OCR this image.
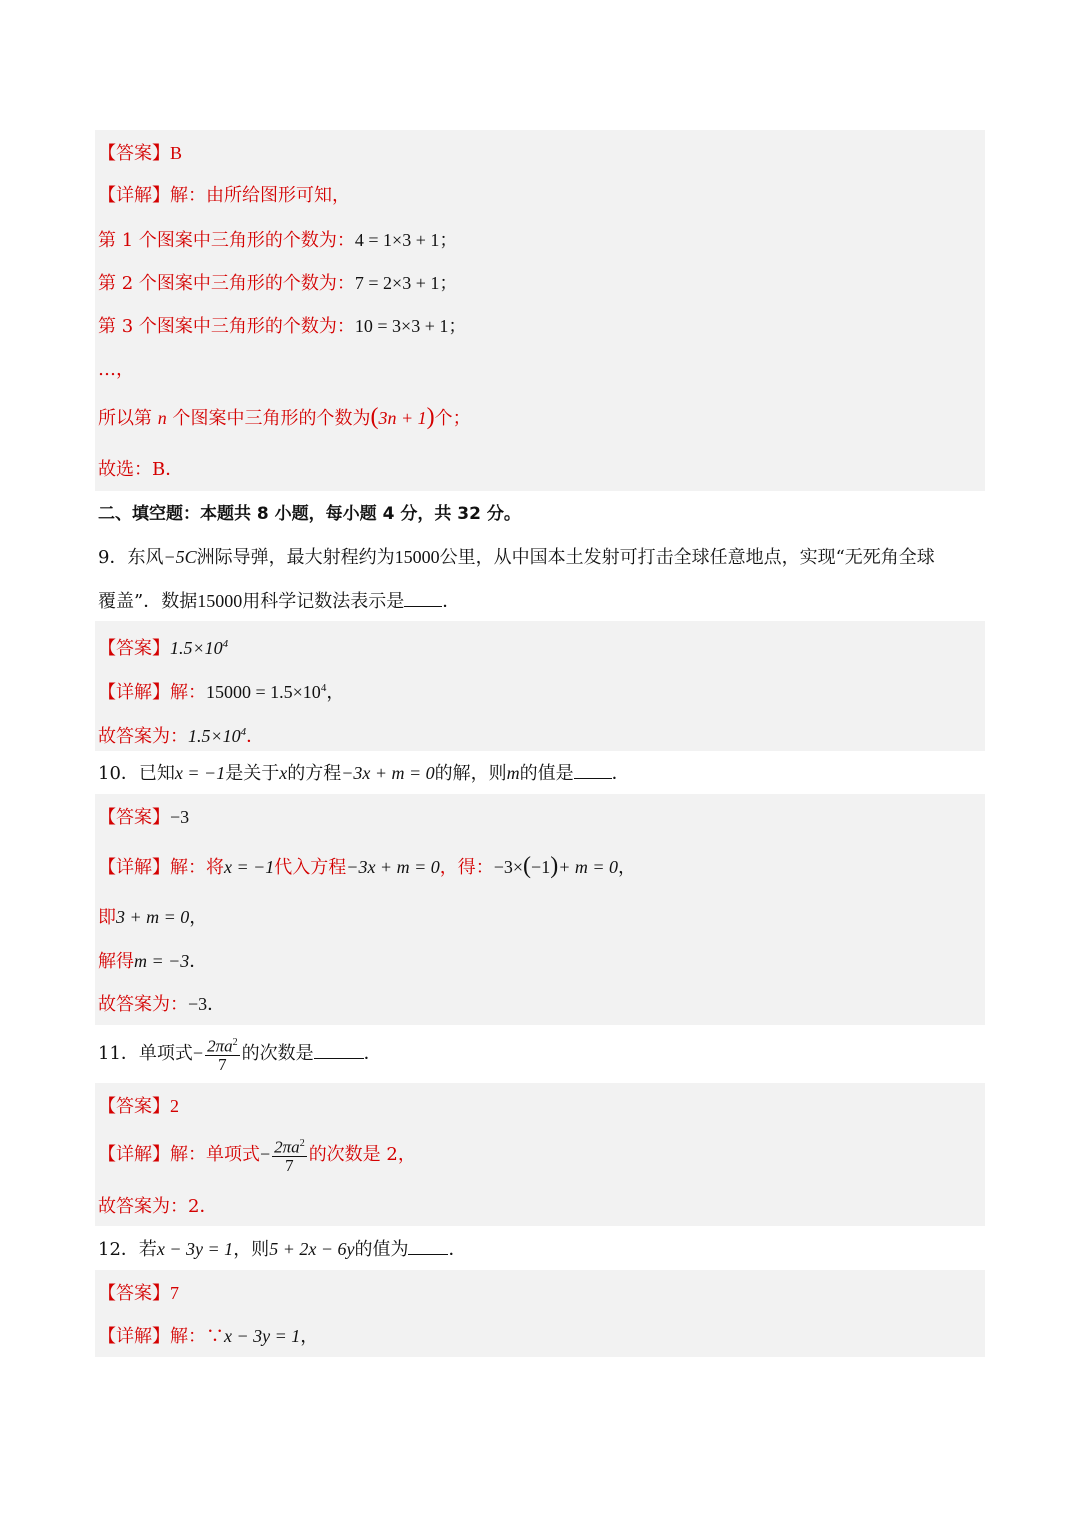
【答案】B
【详解】解：由所给图形可知，
第 1 个图案中三角形的个数为：4 = 1×3 + 1；
第 2 个图案中三角形的个数为：7 = 2×3 + 1；
第 3 个图案中三角形的个数为：10 = 3×3 + 1；
…，
所以第 n 个图案中三角形的个数为(3n + 1)个；
故选：B．
二、填空题：本题共 8 小题，每小题 4 分，共 32 分。
9．东风−5C洲际导弹，最大射程约为15000公里，从中国本土发射可打击全球任意地点，实现“无死角全球
覆盖”．数据15000用科学记数法表示是 ．
【答案】$1.5\times 10^4$
【详解】解：$15000 = 1.5\times 10^4$，
故答案为：$1.5\times 10^4$．
10．已知x = −1是关于x的方程−3x + m = 0的解，则m的值是 ．
【答案】−3
【详解】解：将x = −1代入方程−3x + m = 0，得：−3×(−1)+ m = 0，
即3 + m = 0，
解得m = −3．
故答案为：−3．
11．单项式− $\frac{2\pi a^2}{7}$ 的次数是	．
【答案】2
【详解】解：单项式− $\frac{2\pi a^2}{7}$ 的次数是 2，
故答案为：2．
12．若x − 3y = 1，则5 + 2x − 6y的值为 ．
【答案】7
【详解】解：∵x − 3y = 1，
